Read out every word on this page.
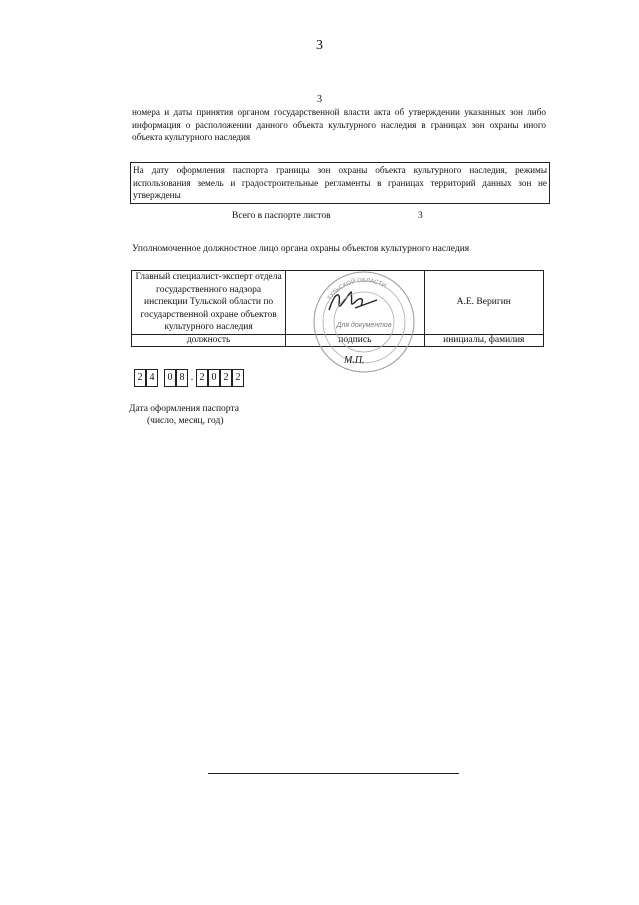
3
3
номера и даты принятия органом государственной власти акта об утверждении указанных зон либо информация о расположении данного объекта культурного наследия в границах зон охраны иного объекта культурного наследия
На дату оформления паспорта границы зон охраны объекта культурного наследия, режимы использования земель и градостроительные регламенты в границах территорий данных зон не утверждены
Всего в паспорте листов	3
Уполномоченное должностное лицо органа охраны объектов культурного наследия
Главный специалист-эксперт отдела государственного надзора инспекции Тульской области по государственной охране объектов культурного наследия		А.Е. Веригин
должность	подпись	инициалы, фамилия
ТУЛЬСКОЙ ОБЛАСТИ
Для документов
М.П.
2 4	0 8 . 2 0 2 2
Дата оформления паспорта
(число, месяц, год)
